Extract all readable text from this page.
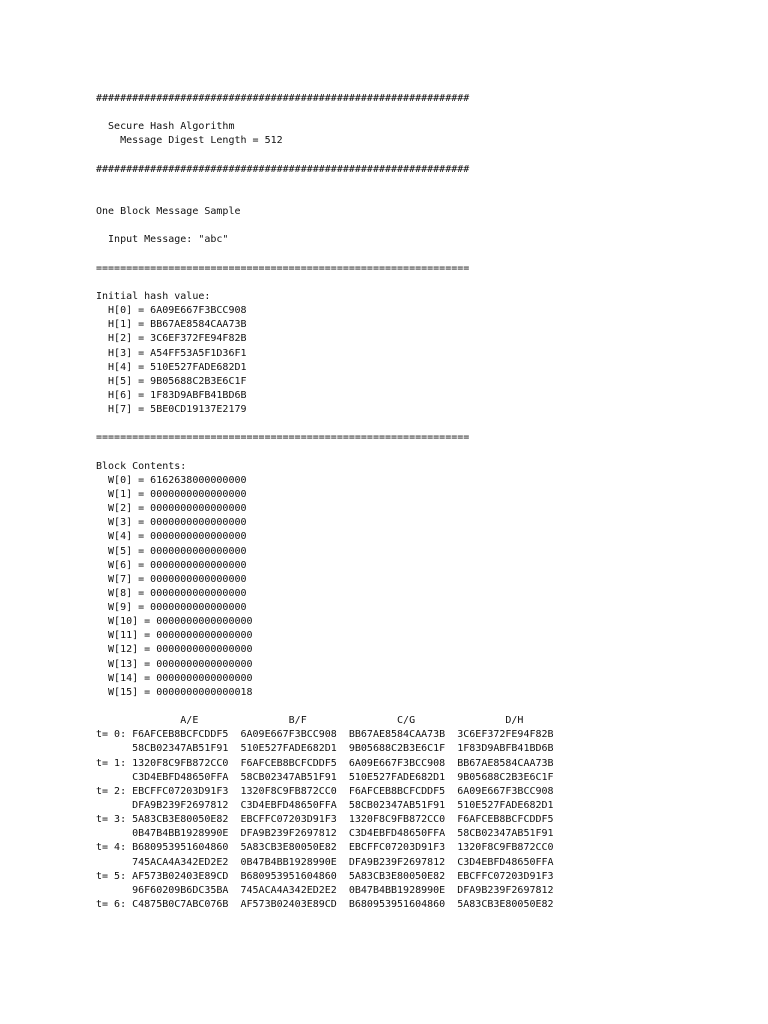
##############################################################
Secure Hash Algorithm
Message Digest Length = 512
##############################################################
One Block Message Sample
Input Message: "abc"
==============================================================
Initial hash value:
H[0] = 6A09E667F3BCC908
H[1] = BB67AE8584CAA73B
H[2] = 3C6EF372FE94F82B
H[3] = A54FF53A5F1D36F1
H[4] = 510E527FADE682D1
H[5] = 9B05688C2B3E6C1F
H[6] = 1F83D9ABFB41BD6B
H[7] = 5BE0CD19137E2179
==============================================================
Block Contents:
W[0] = 6162638000000000
W[1] = 0000000000000000
W[2] = 0000000000000000
W[3] = 0000000000000000
W[4] = 0000000000000000
W[5] = 0000000000000000
W[6] = 0000000000000000
W[7] = 0000000000000000
W[8] = 0000000000000000
W[9] = 0000000000000000
W[10] = 0000000000000000
W[11] = 0000000000000000
W[12] = 0000000000000000
W[13] = 0000000000000000
W[14] = 0000000000000000
W[15] = 0000000000000018
A/E               B/F               C/G               D/H
t= 0: F6AFCEB8BCFCDDF5  6A09E667F3BCC908  BB67AE8584CAA73B  3C6EF372FE94F82B
58CB02347AB51F91  510E527FADE682D1  9B05688C2B3E6C1F  1F83D9ABFB41BD6B
t= 1: 1320F8C9FB872CC0  F6AFCEB8BCFCDDF5  6A09E667F3BCC908  BB67AE8584CAA73B
C3D4EBFD48650FFA  58CB02347AB51F91  510E527FADE682D1  9B05688C2B3E6C1F
t= 2: EBCFFC07203D91F3  1320F8C9FB872CC0  F6AFCEB8BCFCDDF5  6A09E667F3BCC908
DFA9B239F2697812  C3D4EBFD48650FFA  58CB02347AB51F91  510E527FADE682D1
t= 3: 5A83CB3E80050E82  EBCFFC07203D91F3  1320F8C9FB872CC0  F6AFCEB8BCFCDDF5
0B47B4BB1928990E  DFA9B239F2697812  C3D4EBFD48650FFA  58CB02347AB51F91
t= 4: B680953951604860  5A83CB3E80050E82  EBCFFC07203D91F3  1320F8C9FB872CC0
745ACA4A342ED2E2  0B47B4BB1928990E  DFA9B239F2697812  C3D4EBFD48650FFA
t= 5: AF573B02403E89CD  B680953951604860  5A83CB3E80050E82  EBCFFC07203D91F3
96F60209B6DC35BA  745ACA4A342ED2E2  0B47B4BB1928990E  DFA9B239F2697812
t= 6: C4875B0C7ABC076B  AF573B02403E89CD  B680953951604860  5A83CB3E80050E82
